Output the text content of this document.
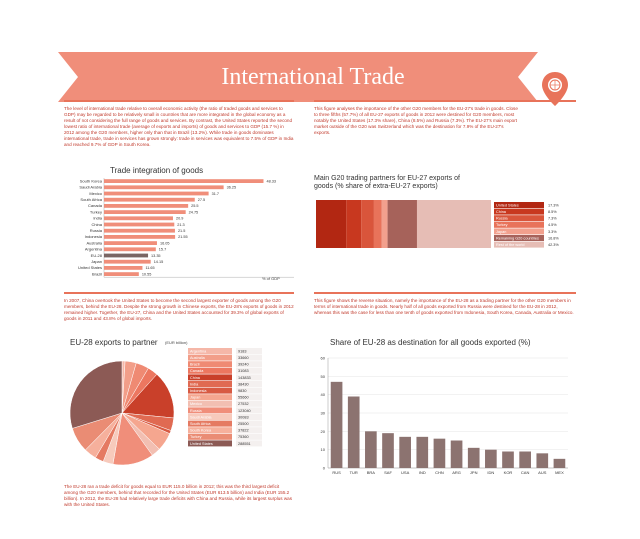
International Trade
The level of international trade relative to overall economic activity (the ratio of traded goods and services to GDP) may be regarded to be relatively small in countries that are more integrated in the global economy as a result of not considering the full range of goods and services. By contrast, the United States reported the second lowest ratio of international trade (average of exports and imports) of goods and services to GDP (15.7 %) in 2012 among the G20 members, higher only than that in Brazil (13.2%). While trade in goods dominates international trade, trade in services has grown strongly: trade in services was equivalent to 7.5% of GDP in India and reached 9.7% of GDP in South Korea.
This figure analyses the importance of the other G20 members for the EU-27's trade in goods. Close to three fifths (57.7%) of all EU-27 exports of goods in 2012 were destined for G20 members, most notably the United States (17.3% share), China (8.5%) and Russia (7.3%). The EU-27's main export market outside of the G20 was Switzerland which was the destination for 7.9% of the EU-27's exports.
In 2007, China overtook the United States to become the second largest exporter of goods among the G20 members, behind the EU-28. Despite the strong growth in Chinese exports, the EU-28's exports of goods in 2012 remained higher. Together, the EU-27, China and the United States accounted for 39.3% of global exports of goods in 2011 and 43.8% of global imports.
This figure shows the reverse situation, namely the importance of the EU-28 as a trading partner for the other G20 members in terms of international trade in goods. Nearly half of all goods exported from Russia were destined for the EU-28 in 2012, whereas this was the case for less than one tenth of goods exported from Indonesia, South Korea, Canada, Australia or Mexico.
The EU-28 ran a trade deficit for goods equal to EUR 115.0 billion in 2012; this was the third largest deficit among the G20 members, behind that recorded for the United States (EUR 613.5 billion) and India (EUR 155.2 billion). In 2012, the EU-28 had relatively large trade deficits with China and Russia, while its largest surplus was with the United States.
Trade integration of goods
South Korea	48.33
Saudi Arabia	36.25
Mexico	31.7
South Africa	27.5
Canada	25.5
Turkey	24.75
India	20.9
China	21.3
Russia	21.5
Indonesia	21.55
Australia	16.05
Argentina	15.7
EU-28	13.35
Japan	14.15
United States	11.65
Brazil	10.55
% of GDP
Main G20 trading partners for EU-27 exports of goods (% share of extra-EU-27 exports)
United States	17.3%
China	8.5%
Russia	7.3%
Turkey	4.5%
Japan	3.3%
Remaining G20 countries 16.8%
Rest of the world	42.3%
EU-28 exports to partner (EUR billion)
Argentina	9183
Australia	33660
Brazil	39240
Canada	31083
China	143833
India	38430
Indonesia	9830
Japan	55660
Mexico	27532
Russia	123040
Saudi Arabia	30083
South Africa	25500
South Korea	37822
Turkey	75360
United States	288551
Share of EU-28 as destination for all goods exported (%)
0
10
20
30
40
50
60
RUS TUR BRA SAF USA IND CHN ARG JPN IDN KOR CAN AUS MEX
